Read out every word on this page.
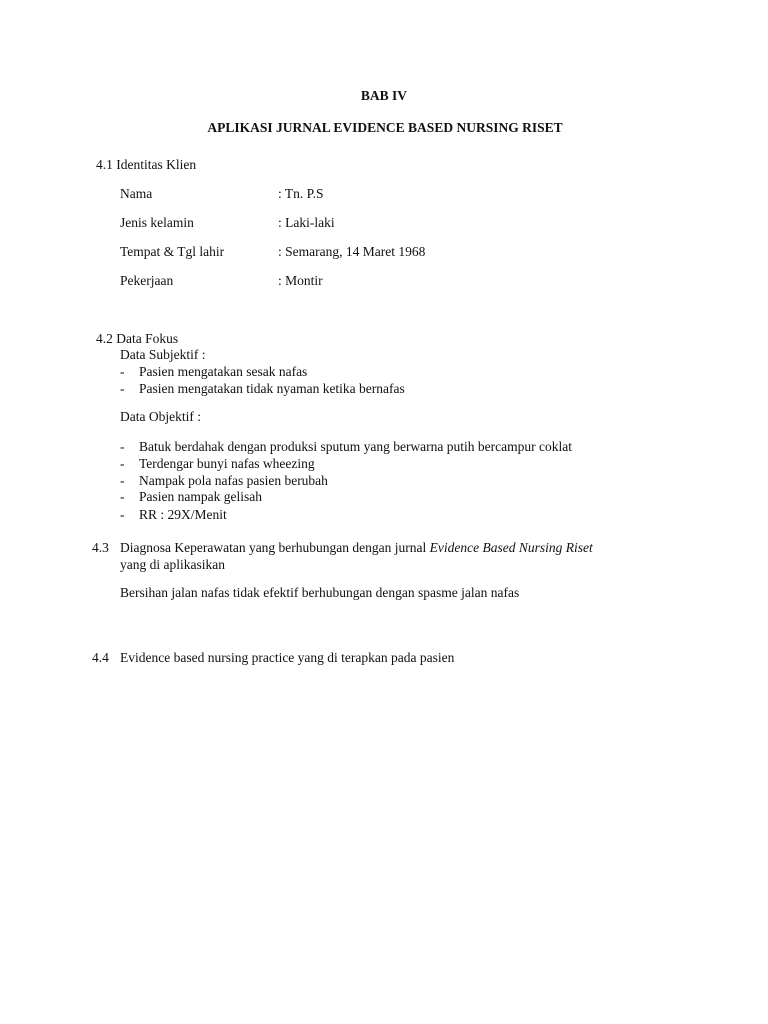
BAB IV
APLIKASI JURNAL EVIDENCE BASED NURSING RISET
4.1 Identitas Klien
Nama	: Tn. P.S
Jenis kelamin	: Laki-laki
Tempat & Tgl lahir	: Semarang, 14 Maret 1968
Pekerjaan	: Montir
4.2 Data Fokus
Data Subjektif :
- Pasien mengatakan sesak nafas
- Pasien mengatakan tidak nyaman ketika bernafas
Data Objektif :
- Batuk berdahak dengan produksi sputum yang berwarna putih bercampur coklat
- Terdengar bunyi nafas wheezing
- Nampak pola nafas pasien berubah
- Pasien nampak gelisah
- RR : 29X/Menit
4.3 Diagnosa Keperawatan yang berhubungan dengan jurnal Evidence Based Nursing Riset
yang di aplikasikan
Bersihan jalan nafas tidak efektif berhubungan dengan spasme jalan nafas
4.4 Evidence based nursing practice yang di terapkan pada pasien
